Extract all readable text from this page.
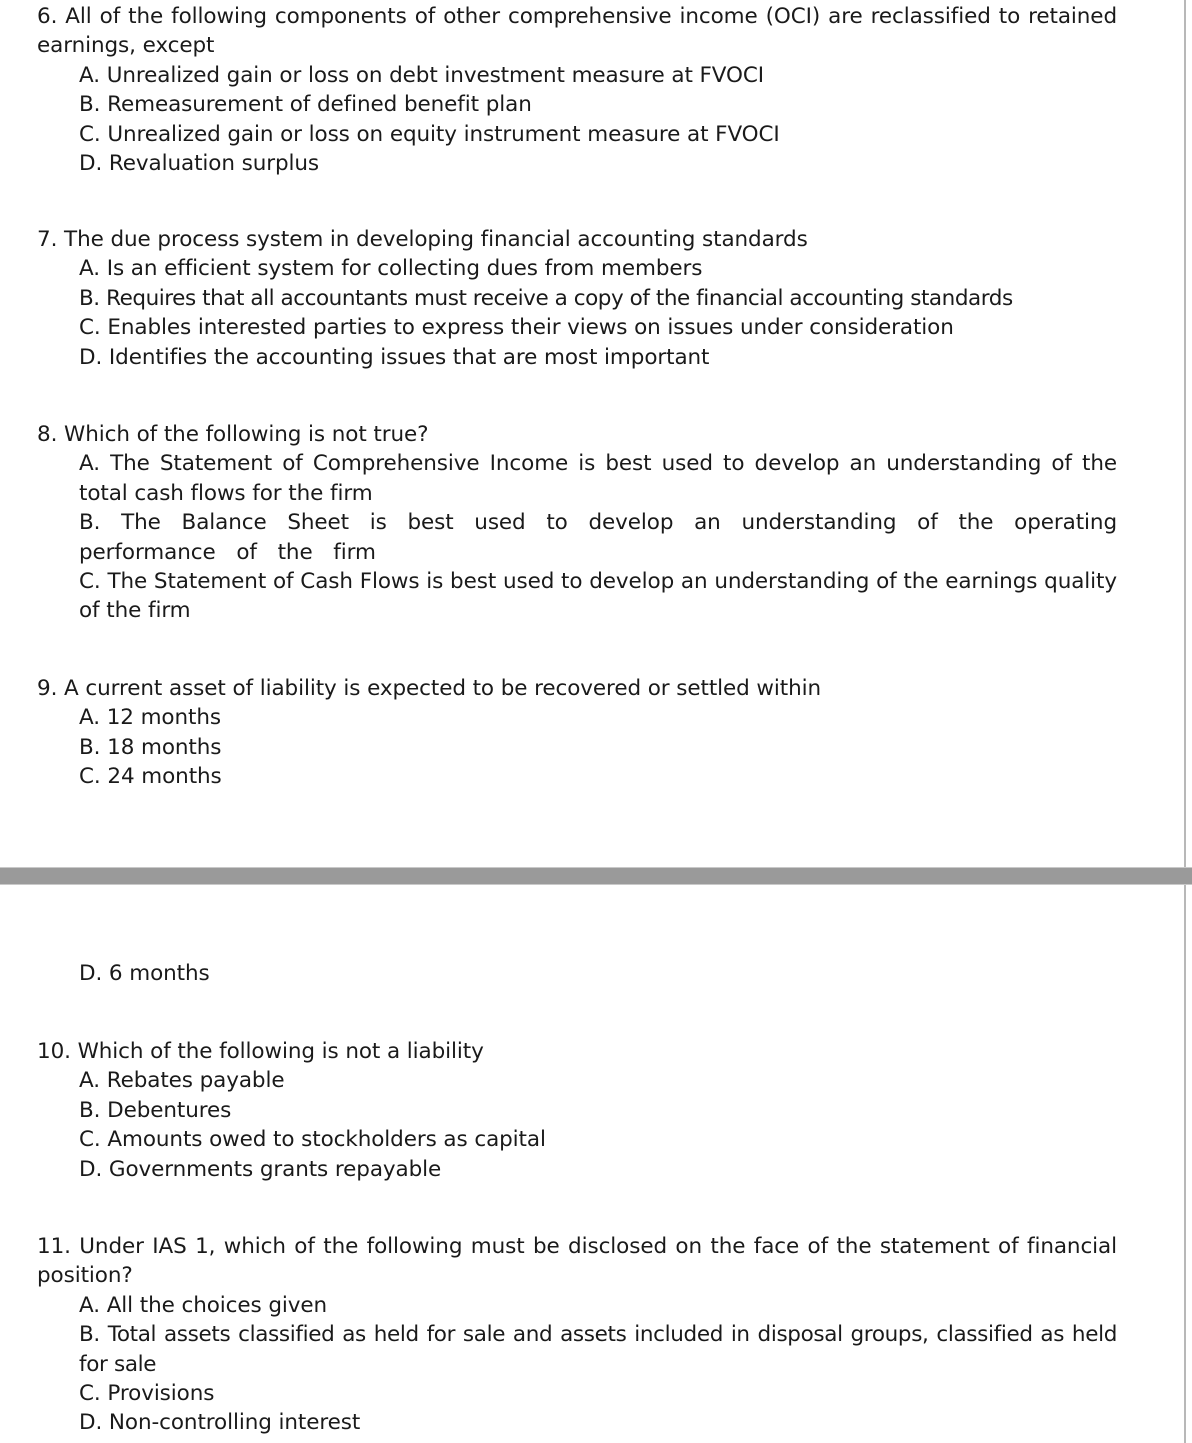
6. All of the following components of other comprehensive income (OCI) are reclassified to retained earnings, except
A. Unrealized gain or loss on debt investment measure at FVOCI
B. Remeasurement of defined benefit plan
C. Unrealized gain or loss on equity instrument measure at FVOCI
D. Revaluation surplus
7. The due process system in developing financial accounting standards
A. Is an efficient system for collecting dues from members
B. Requires that all accountants must receive a copy of the financial accounting standards
C. Enables interested parties to express their views on issues under consideration
D. Identifies the accounting issues that are most important
8. Which of the following is not true?
A. The Statement of Comprehensive Income is best used to develop an understanding of the total cash flows for the firm
B. The Balance Sheet is best used to develop an understanding of the operating performance of the firm
C. The Statement of Cash Flows is best used to develop an understanding of the earnings quality of the firm
9. A current asset of liability is expected to be recovered or settled within
A. 12 months
B. 18 months
C. 24 months
D. 6 months
10. Which of the following is not a liability
A. Rebates payable
B. Debentures
C. Amounts owed to stockholders as capital
D. Governments grants repayable
11. Under IAS 1, which of the following must be disclosed on the face of the statement of financial position?
A. All the choices given
B. Total assets classified as held for sale and assets included in disposal groups, classified as held for sale
C. Provisions
D. Non-controlling interest
